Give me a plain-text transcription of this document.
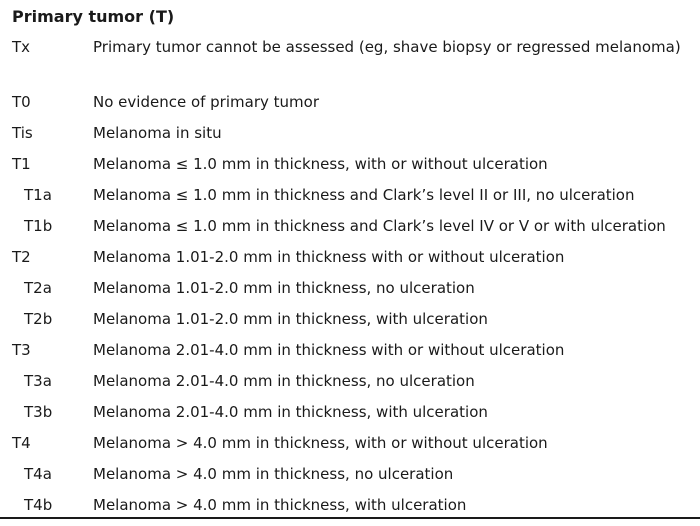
Primary tumor (T)
Tx	Primary tumor cannot be assessed (eg, shave biopsy or regressed melanoma)
T0	No evidence of primary tumor
Tis	Melanoma in situ
T1	Melanoma ≤ 1.0 mm in thickness, with or without ulceration
T1a	Melanoma ≤ 1.0 mm in thickness and Clark’s level II or III, no ulceration
T1b	Melanoma ≤ 1.0 mm in thickness and Clark’s level IV or V or with ulceration
T2	Melanoma 1.01-2.0 mm in thickness with or without ulceration
T2a	Melanoma 1.01-2.0 mm in thickness, no ulceration
T2b	Melanoma 1.01-2.0 mm in thickness, with ulceration
T3	Melanoma 2.01-4.0 mm in thickness with or without ulceration
T3a	Melanoma 2.01-4.0 mm in thickness, no ulceration
T3b	Melanoma 2.01-4.0 mm in thickness, with ulceration
T4	Melanoma > 4.0 mm in thickness, with or without ulceration
T4a	Melanoma > 4.0 mm in thickness, no ulceration
T4b	Melanoma > 4.0 mm in thickness, with ulceration
